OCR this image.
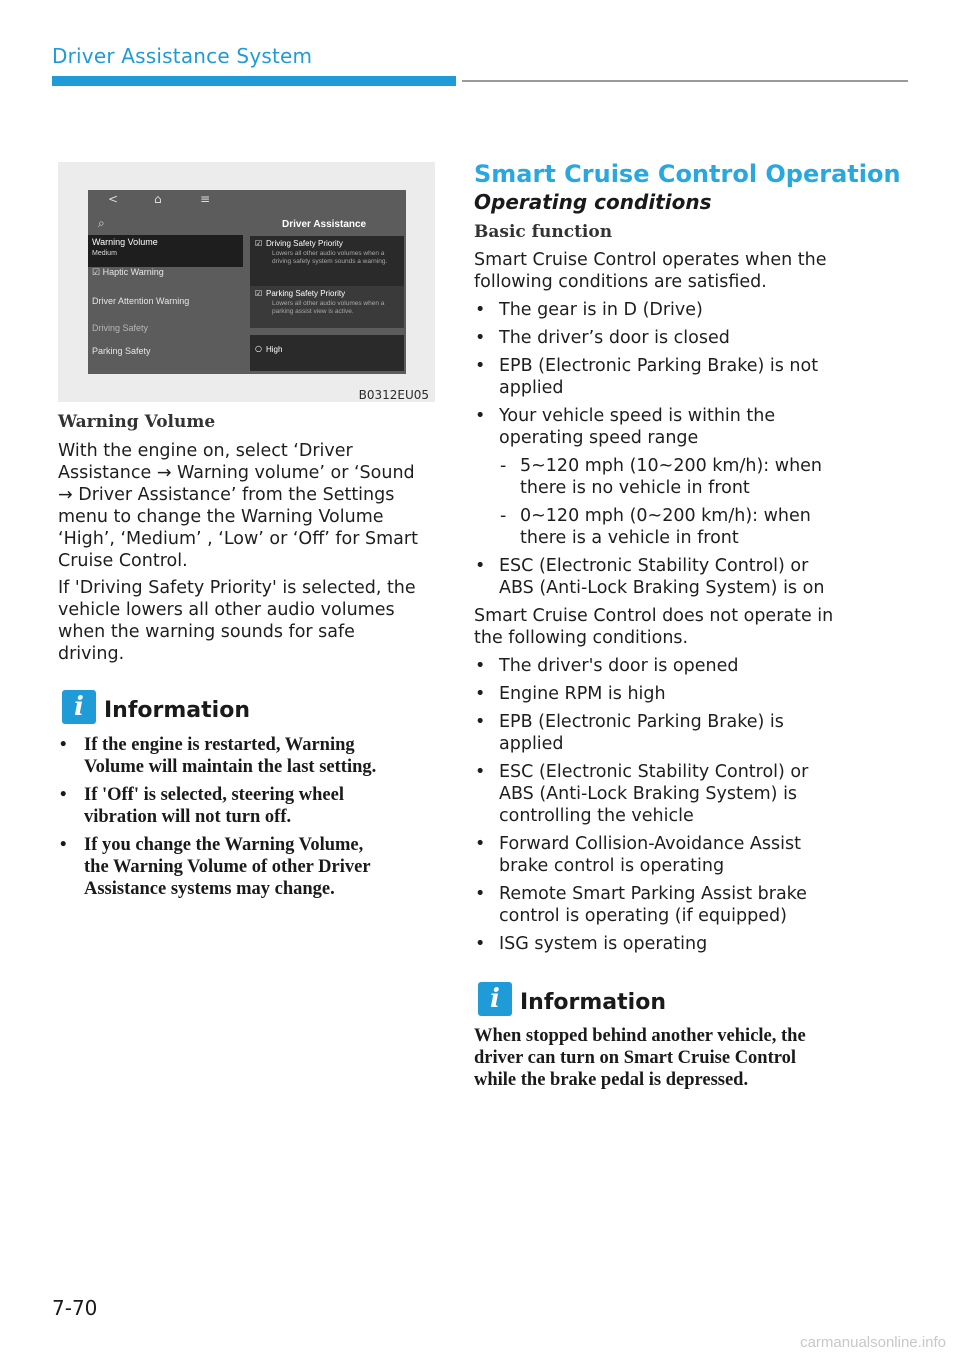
Driver Assistance System
<	⌂	≡
⌕	Driver Assistance
Warning Volume
Medium
☑ Haptic Warning
Driver Attention Warning
Driving Safety
Parking Safety
☑ Driving Safety Priority
Lowers all other audio volumes when a driving safety system sounds a warning.
☑ Parking Safety Priority
Lowers all other audio volumes when a parking assist view is active.
○ High
B0312EU05
Warning Volume
With the engine on, select ‘Driver
Assistance → Warning volume’ or ‘Sound
→ Driver Assistance’ from the Settings
menu to change the Warning Volume
‘High’, ‘Medium’ , ‘Low’ or ‘Off’ for Smart
Cruise Control.
If 'Driving Safety Priority' is selected, the
vehicle lowers all other audio volumes
when the warning sounds for safe
driving.
i Information
• If the engine is restarted, Warning
Volume will maintain the last setting.
• If 'Off' is selected, steering wheel
vibration will not turn off.
• If you change the Warning Volume,
the Warning Volume of other Driver
Assistance systems may change.
Smart Cruise Control Operation
Operating conditions
Basic function
Smart Cruise Control operates when the
following conditions are satisfied.
• The gear is in D (Drive)
• The driver’s door is closed
• EPB (Electronic Parking Brake) is not
applied
• Your vehicle speed is within the
operating speed range
- 5~120 mph (10~200 km/h): when
there is no vehicle in front
- 0~120 mph (0~200 km/h): when
there is a vehicle in front
• ESC (Electronic Stability Control) or
ABS (Anti-Lock Braking System) is on
Smart Cruise Control does not operate in
the following conditions.
• The driver's door is opened
• Engine RPM is high
• EPB (Electronic Parking Brake) is
applied
• ESC (Electronic Stability Control) or
ABS (Anti-Lock Braking System) is
controlling the vehicle
• Forward Collision-Avoidance Assist
brake control is operating
• Remote Smart Parking Assist brake
control is operating (if equipped)
• ISG system is operating
i Information
When stopped behind another vehicle, the
driver can turn on Smart Cruise Control
while the brake pedal is depressed.
7-70
carmanualsonline.info
